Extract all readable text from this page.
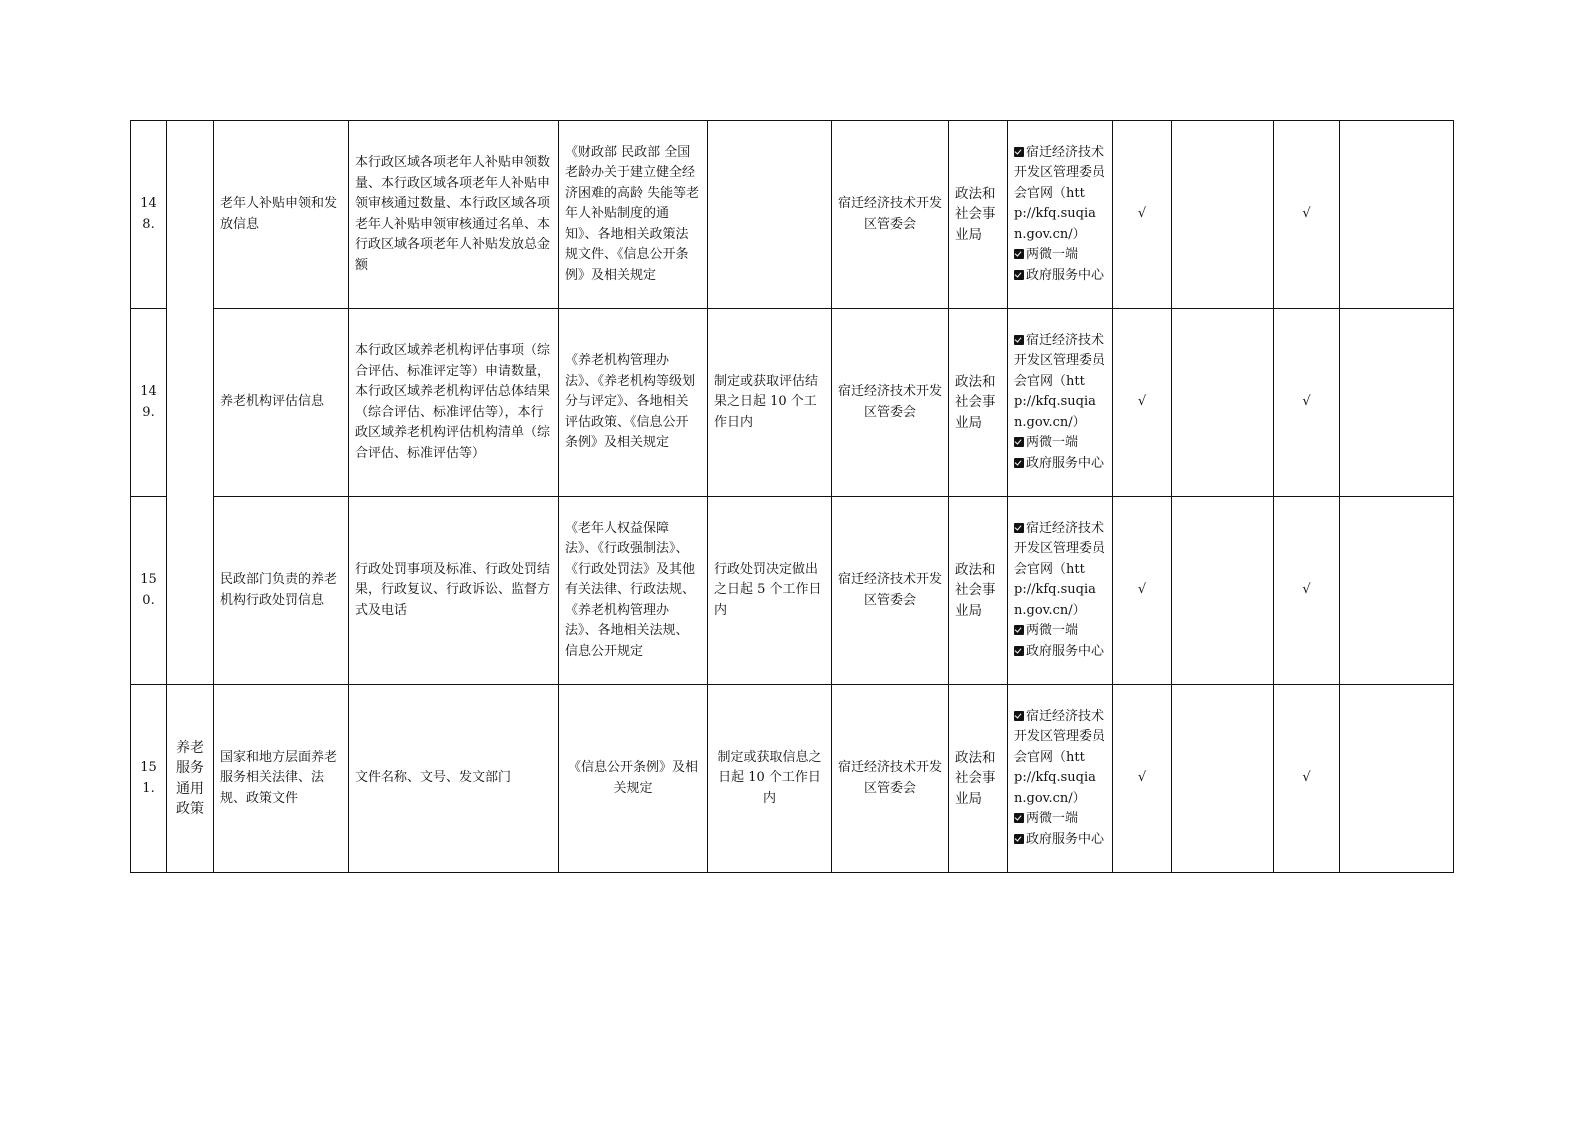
148.		老年人补贴申领和发放信息	本行政区域各项老年人补贴申领数量、本行政区域各项老年人补贴申领审核通过数量、本行政区域各项老年人补贴申领审核通过名单、本行政区域各项老年人补贴发放总金额	《财政部 民政部 全国老龄办关于建立健全经济困难的高龄 失能等老年人补贴制度的通知》、各地相关政策法规文件、《信息公开条例》及相关规定		宿迁经济技术开发区管委会	政法和社会事业局	宿迁经济技术开发区管理委员会官网（http://kfq.suqian.gov.cn/）
两微一端
政府服务中心	√		√	
149.		养老机构评估信息	本行政区域养老机构评估事项（综合评估、标准评定等）申请数量，本行政区域养老机构评估总体结果（综合评估、标准评估等），本行政区域养老机构评估机构清单（综合评估、标准评估等）	《养老机构管理办法》、《养老机构等级划分与评定》、各地相关评估政策、《信息公开条例》及相关规定	制定或获取评估结果之日起 10 个工作日内	宿迁经济技术开发区管委会	政法和社会事业局	宿迁经济技术开发区管理委员会官网（http://kfq.suqian.gov.cn/）
两微一端
政府服务中心	√		√	
150.		民政部门负责的养老机构行政处罚信息	行政处罚事项及标准、行政处罚结果，行政复议、行政诉讼、监督方式及电话	《老年人权益保障法》、《行政强制法》、《行政处罚法》及其他有关法律、行政法规、《养老机构管理办法》、各地相关法规、信息公开规定	行政处罚决定做出之日起 5 个工作日内	宿迁经济技术开发区管委会	政法和社会事业局	宿迁经济技术开发区管理委员会官网（http://kfq.suqian.gov.cn/）
两微一端
政府服务中心	√		√	
151.	养老服务通用政策	国家和地方层面养老服务相关法律、法规、政策文件	文件名称、文号、发文部门	《信息公开条例》及相关规定	制定或获取信息之日起 10 个工作日内	宿迁经济技术开发区管委会	政法和社会事业局	宿迁经济技术开发区管理委员会官网（http://kfq.suqian.gov.cn/）
两微一端
政府服务中心	√		√	
